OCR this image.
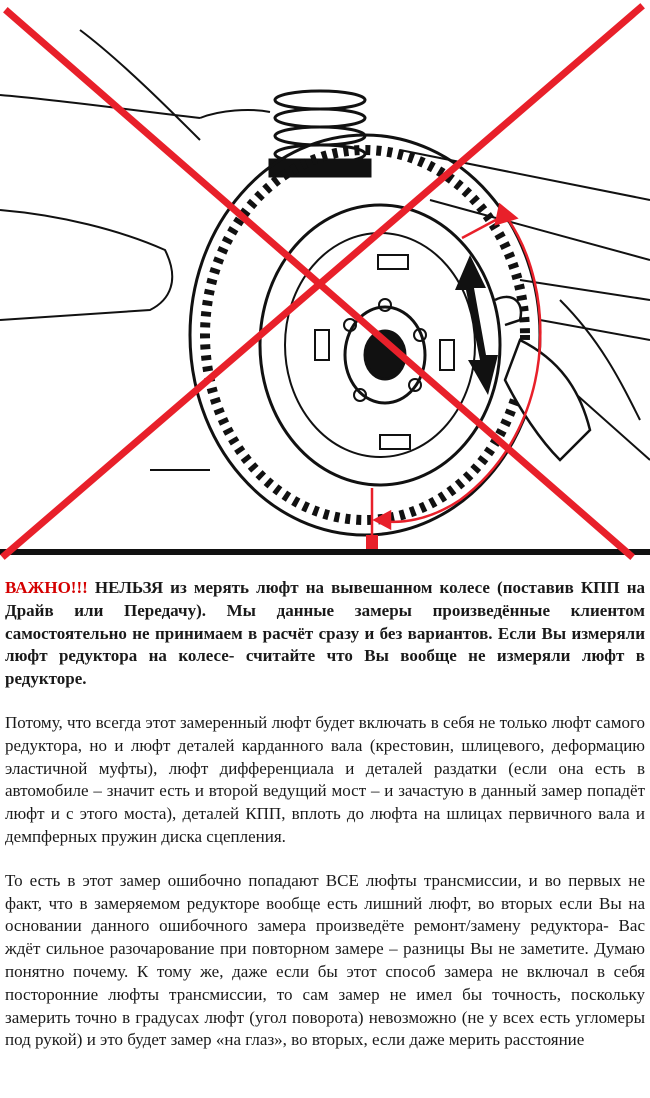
ВАЖНО!!! НЕЛЬЗЯ из мерять люфт на вывешанном колесе (поставив КПП на Драйв или Передачу). Мы данные замеры произведённые клиентом самостоятельно не принимаем в расчёт сразу и без вариантов. Если Вы измеряли люфт редуктора на колесе- считайте что Вы вообще не измеряли люфт в редукторе.

Потому, что всегда этот замеренный люфт будет включать в себя не только люфт самого редуктора, но и люфт деталей карданного вала (крестовин, шлицевого, деформацию эластичной муфты), люфт дифференциала и деталей раздатки (если она есть в автомобиле – значит есть и второй ведущий мост – и зачастую в данный замер попадёт люфт и с этого моста), деталей КПП, вплоть до люфта на шлицах первичного вала и демпферных пружин диска сцепления.

То есть в этот замер ошибочно попадают ВСЕ люфты трансмиссии, и во первых не факт, что в замеряемом редукторе вообще есть лишний люфт, во вторых если Вы на основании данного ошибочного замера произведёте ремонт/замену редуктора- Вас ждёт сильное разочарование при повторном замере – разницы Вы не заметите. Думаю понятно почему. К тому же, даже если бы этот способ замера не включал в себя посторонние люфты трансмиссии, то сам замер не имел бы точность, поскольку замерить точно в градусах люфт (угол поворота) невозможно (не у всех есть угломеры под рукой) и это будет замер «на глаз», во вторых, если даже мерить расстояние
